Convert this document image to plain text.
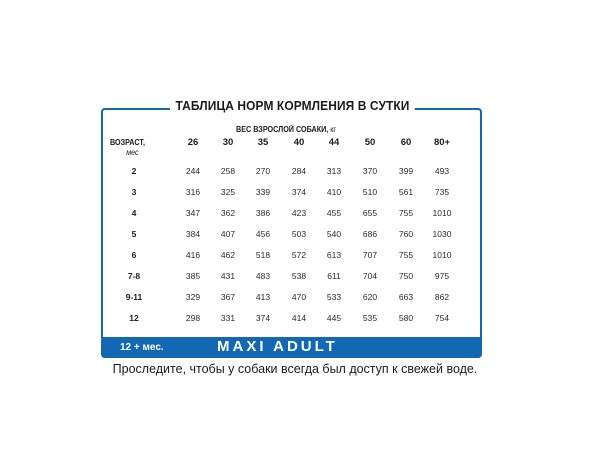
ТАБЛИЦА НОРМ КОРМЛЕНИЯ В СУТКИ
ВЕС ВЗРОСЛОЙ СОБАКИ, кг
ВОЗРАСТ,
мес
26	30	35	40	44	50	60	80+
2	244	258	270	284	313	370	399	493
3	316	325	339	374	410	510	561	735
4	347	362	386	423	455	655	755	1010
5	384	407	456	503	540	686	760	1030
6	416	462	518	572	613	707	755	1010
7-8	385	431	483	538	611	704	750	975
9-11	329	367	413	470	533	620	663	862
12	298	331	374	414	445	535	580	754
12 + мес.	MAXI ADULT
Проследите, чтобы у собаки всегда был доступ к свежей воде.
